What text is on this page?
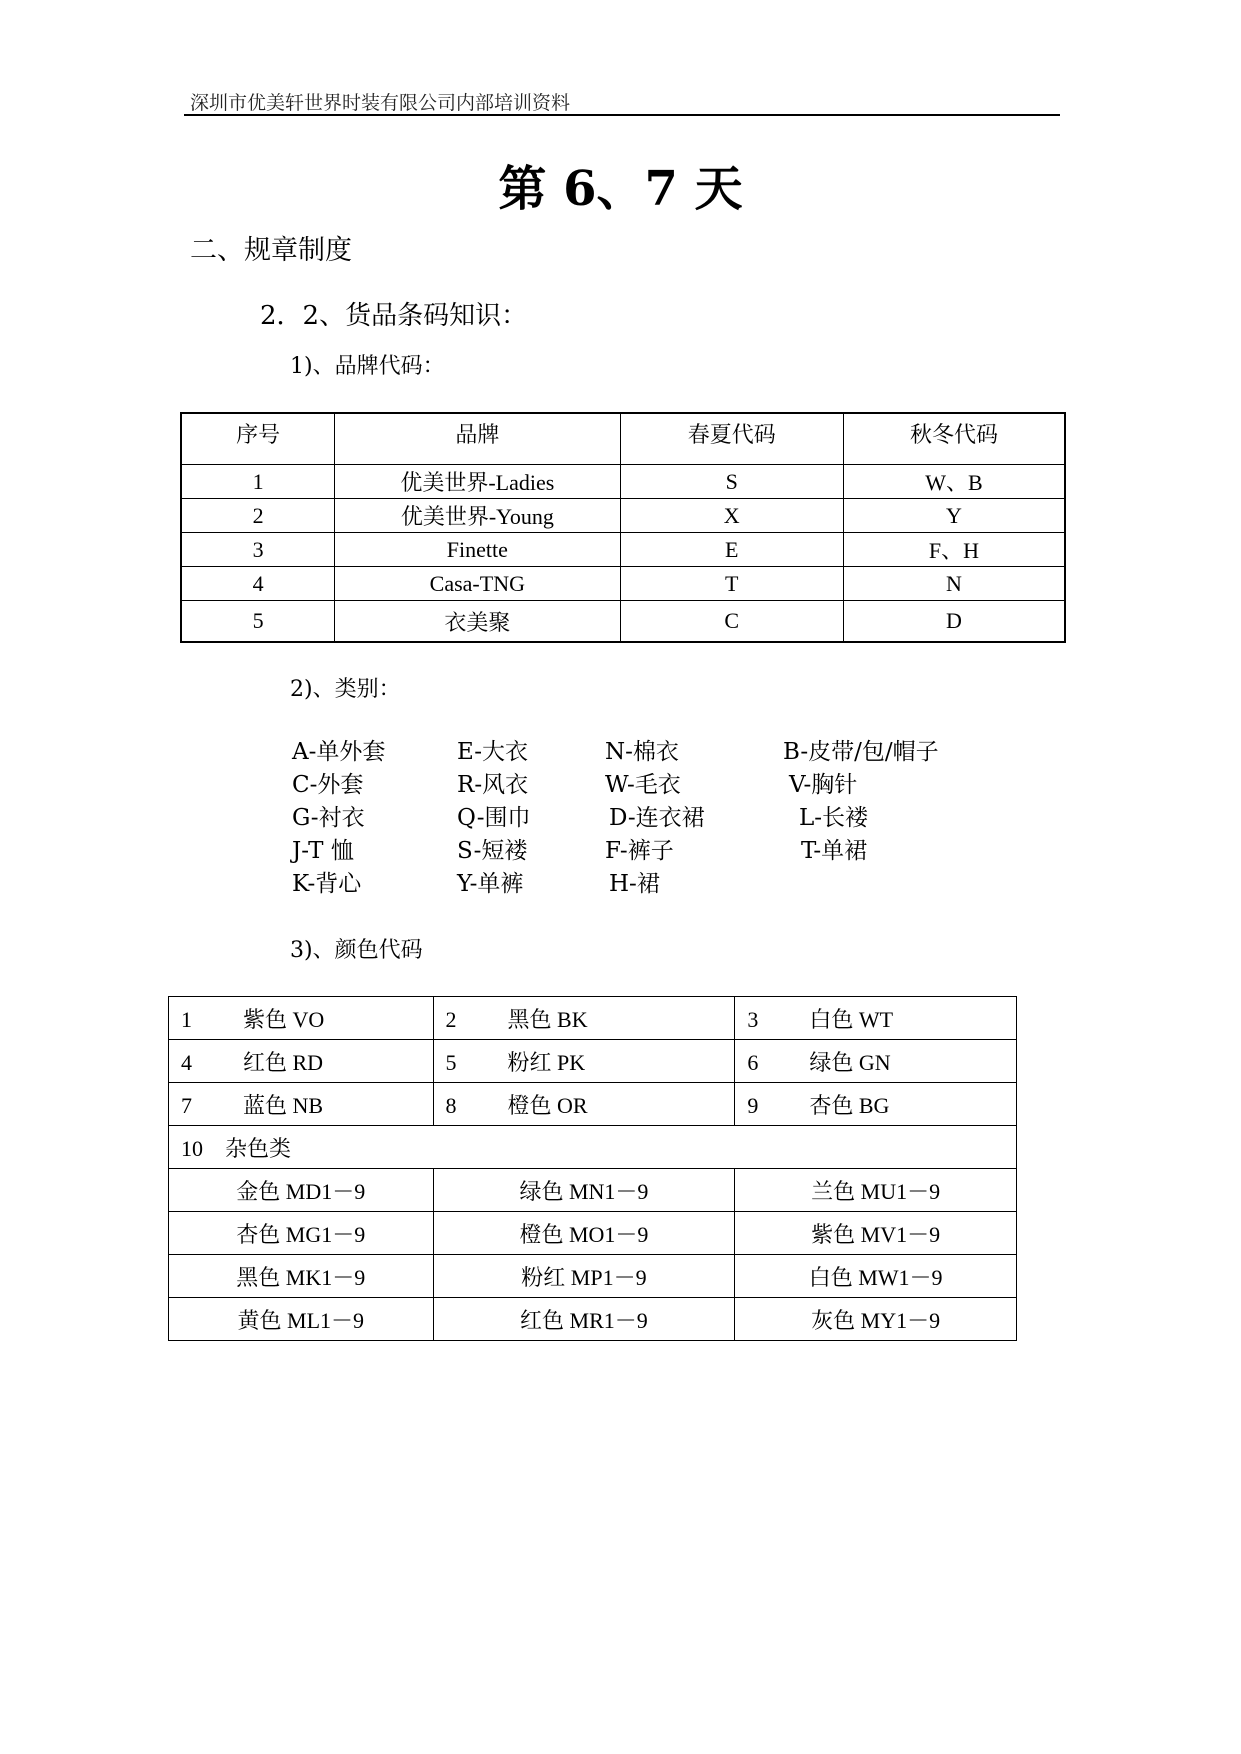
深圳市优美轩世界时装有限公司内部培训资料
第 6、7 天
二、规章制度
2．2、货品条码知识：
1)、品牌代码：
序号	品牌	春夏代码	秋冬代码
1	优美世界-Ladies	S	W、B
2	优美世界-Young	X	Y
3	Finette	E	F、H
4	Casa-TNG	T	N
5	衣美聚	C	D
2)、类别：
A-单外套	E-大衣	N-棉衣	B-皮带/包/帽子
C-外套	R-风衣	W-毛衣	V-胸针
G-衬衣	Q-围巾	D-连衣裙	L-长褛
J-T 恤	S-短褛	F-裤子	T-单裙
K-背心	Y-单裤	H-裙
3)、颜色代码
1 紫色 VO	2 黑色 BK	3 白色 WT
4 红色 RD	5 粉红 PK	6 绿色 GN
7 蓝色 NB	8 橙色 OR	9 杏色 BG
10　杂色类		
金色 MD1－9	绿色 MN1－9	兰色 MU1－9
杏色 MG1－9	橙色 MO1－9	紫色 MV1－9
黑色 MK1－9	粉红 MP1－9	白色 MW1－9
黄色 ML1－9	红色 MR1－9	灰色 MY1－9
